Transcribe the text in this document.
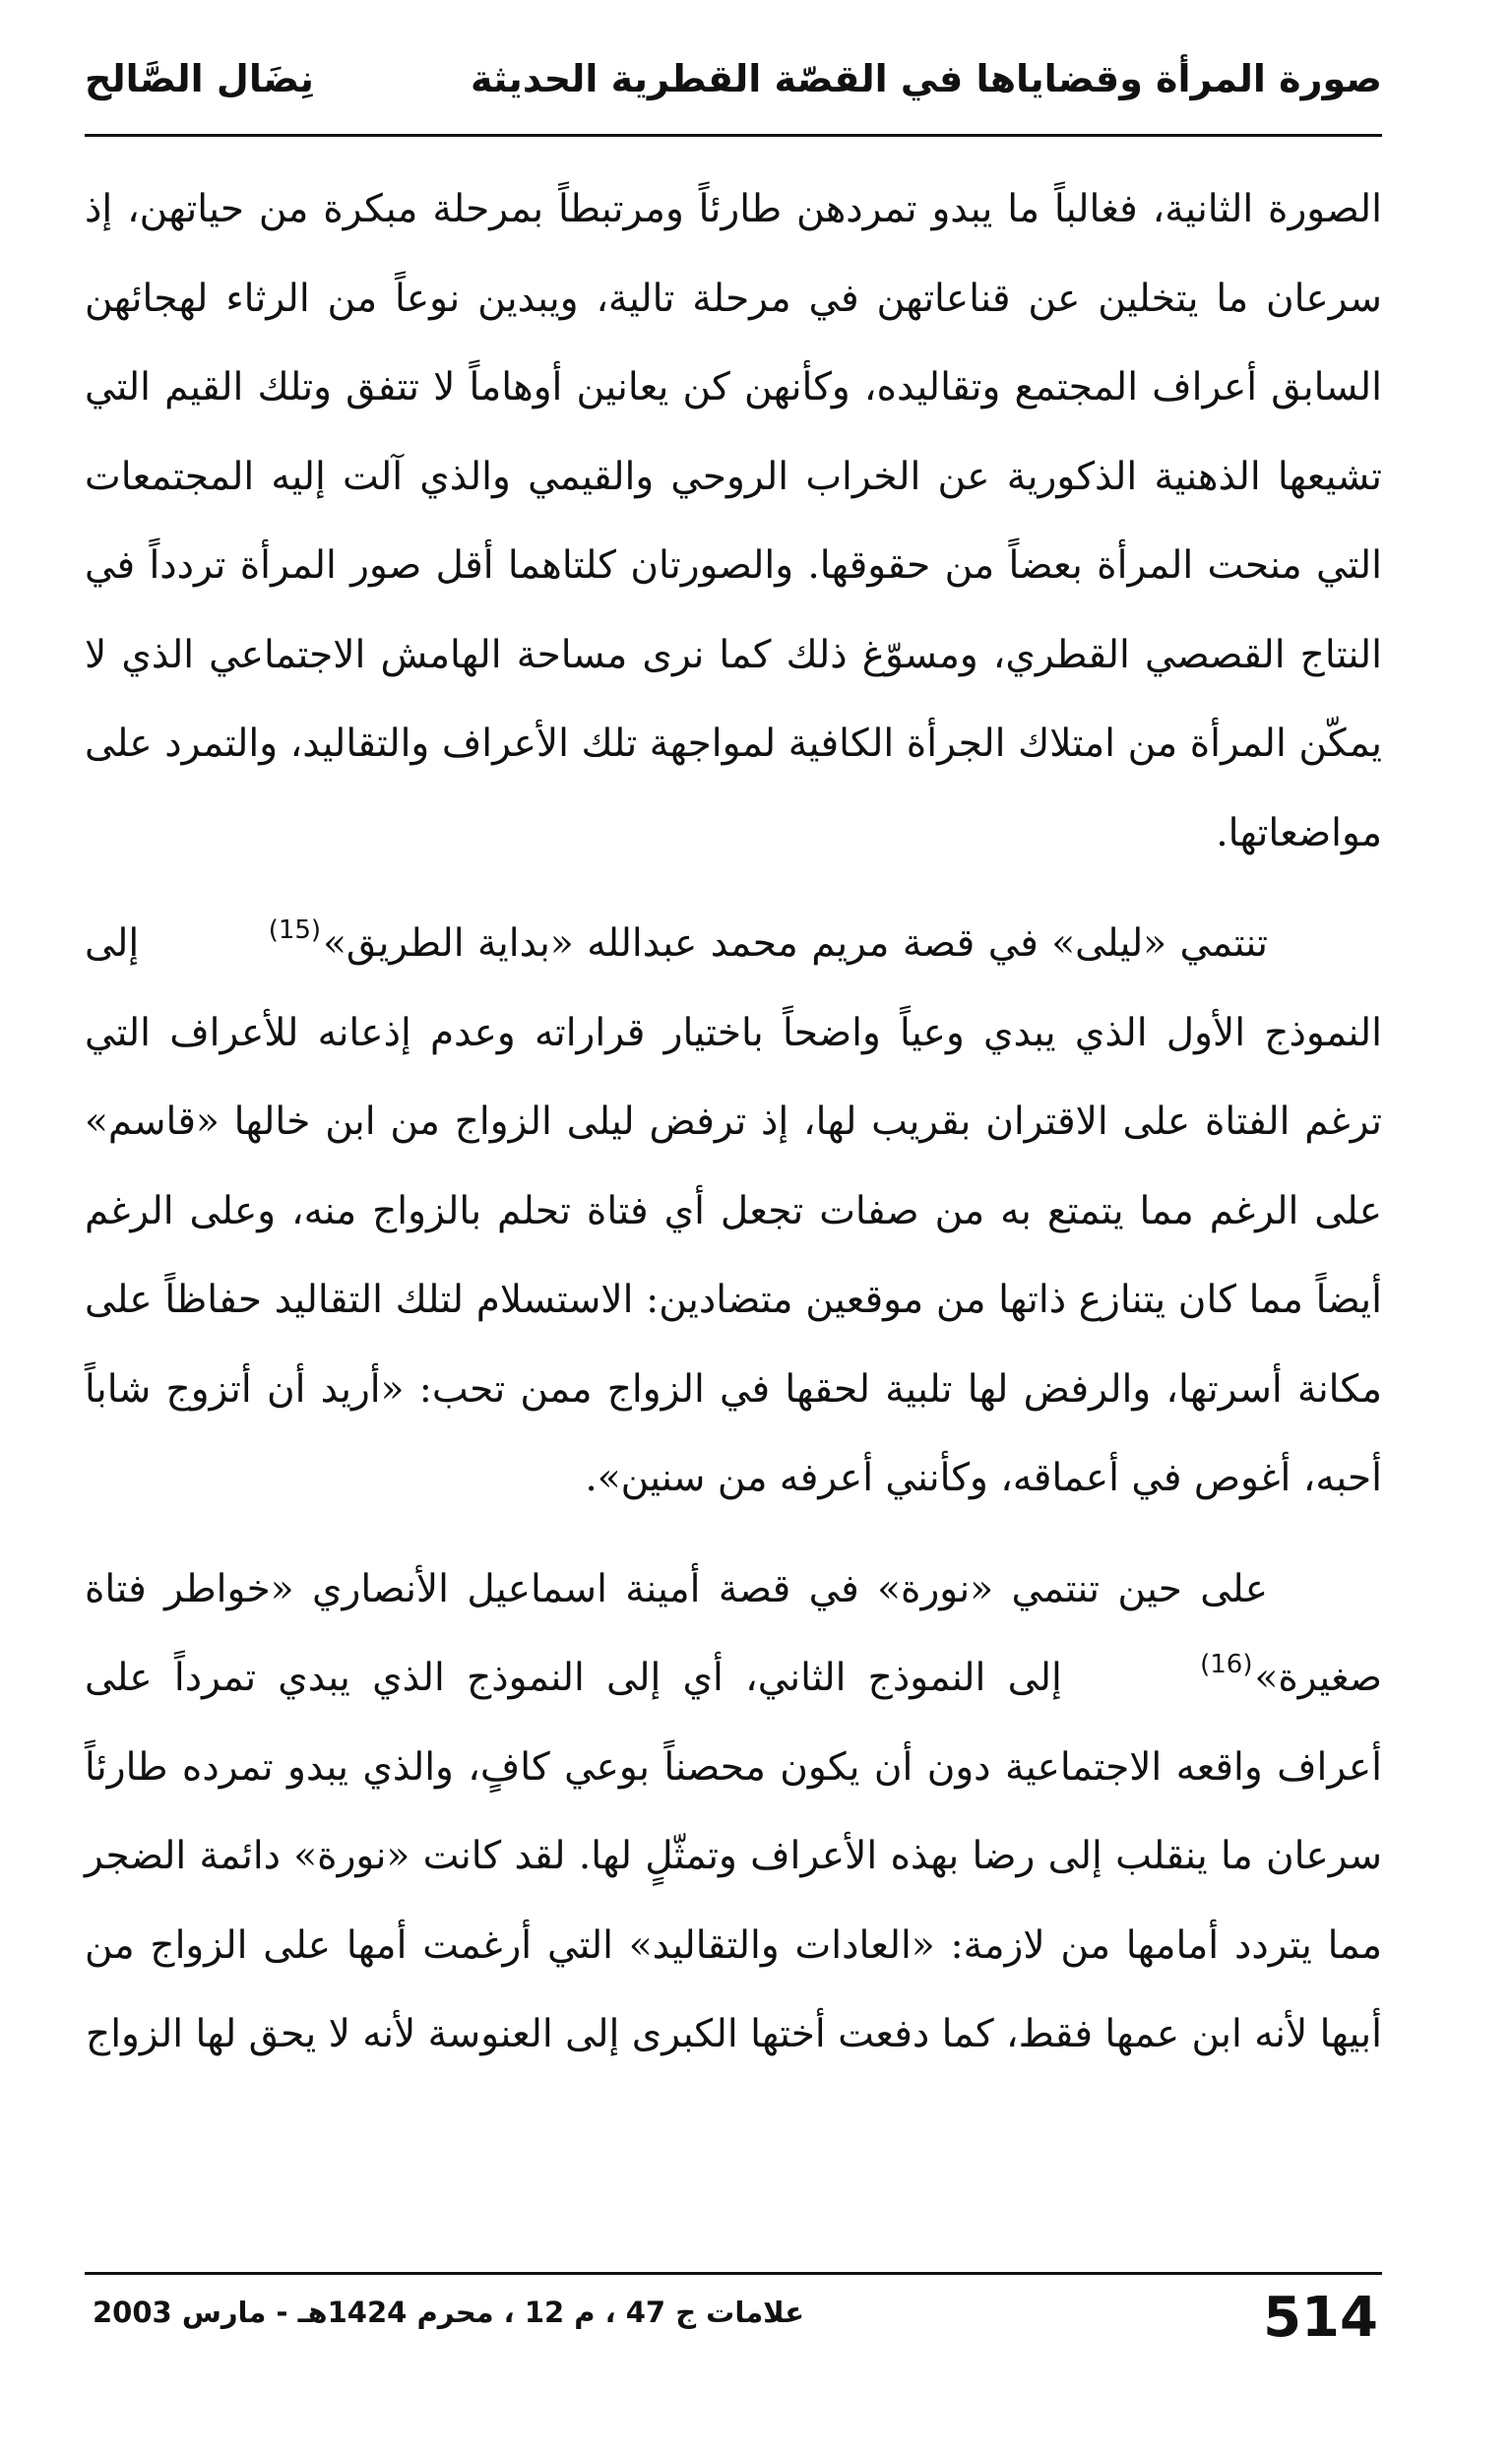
صورة المرأة وقضاياها في القصّة القطرية الحديثة
نِضَال الصَّالح

الصورة الثانية، فغالباً ما يبدو تمردهن طارئاً ومرتبطاً بمرحلة مبكرة من حياتهن، إذ سرعان ما يتخلين عن قناعاتهن في مرحلة تالية، ويبدين نوعاً من الرثاء لهجائهن السابق أعراف المجتمع وتقاليده، وكأنهن كن يعانين أوهاماً لا تتفق وتلك القيم التي تشيعها الذهنية الذكورية عن الخراب الروحي والقيمي والذي آلت إليه المجتمعات التي منحت المرأة بعضاً من حقوقها. والصورتان كلتاهما أقل صور المرأة تردداً في النتاج القصصي القطري، ومسوّغ ذلك كما نرى مساحة الهامش الاجتماعي الذي لا يمكّن المرأة من امتلاك الجرأة الكافية لمواجهة تلك الأعراف والتقاليد، والتمرد على مواضعاتها.

تنتمي «ليلى» في قصة مريم محمد عبدالله «بداية الطريق»$^{(15)}$ إلى النموذج الأول الذي يبدي وعياً واضحاً باختيار قراراته وعدم إذعانه للأعراف التي ترغم الفتاة على الاقتران بقريب لها، إذ ترفض ليلى الزواج من ابن خالها «قاسم» على الرغم مما يتمتع به من صفات تجعل أي فتاة تحلم بالزواج منه، وعلى الرغم أيضاً مما كان يتنازع ذاتها من موقعين متضادين: الاستسلام لتلك التقاليد حفاظاً على مكانة أسرتها، والرفض لها تلبية لحقها في الزواج ممن تحب: «أريد أن أتزوج شاباً أحبه، أغوص في أعماقه، وكأنني أعرفه من سنين».

على حين تنتمي «نورة» في قصة أمينة اسماعيل الأنصاري «خواطر فتاة صغيرة»$^{(16)}$ إلى النموذج الثاني، أي إلى النموذج الذي يبدي تمرداً على أعراف واقعه الاجتماعية دون أن يكون محصناً بوعي كافٍ، والذي يبدو تمرده طارئاً سرعان ما ينقلب إلى رضا بهذه الأعراف وتمثّلٍ لها. لقد كانت «نورة» دائمة الضجر مما يتردد أمامها من لازمة: «العادات والتقاليد» التي أرغمت أمها على الزواج من أبيها لأنه ابن عمها فقط، كما دفعت أختها الكبرى إلى العنوسة لأنه لا يحق لها الزواج

علامات ج 47 ، م 12 ، محرم 1424هـ - مارس 2003	514
